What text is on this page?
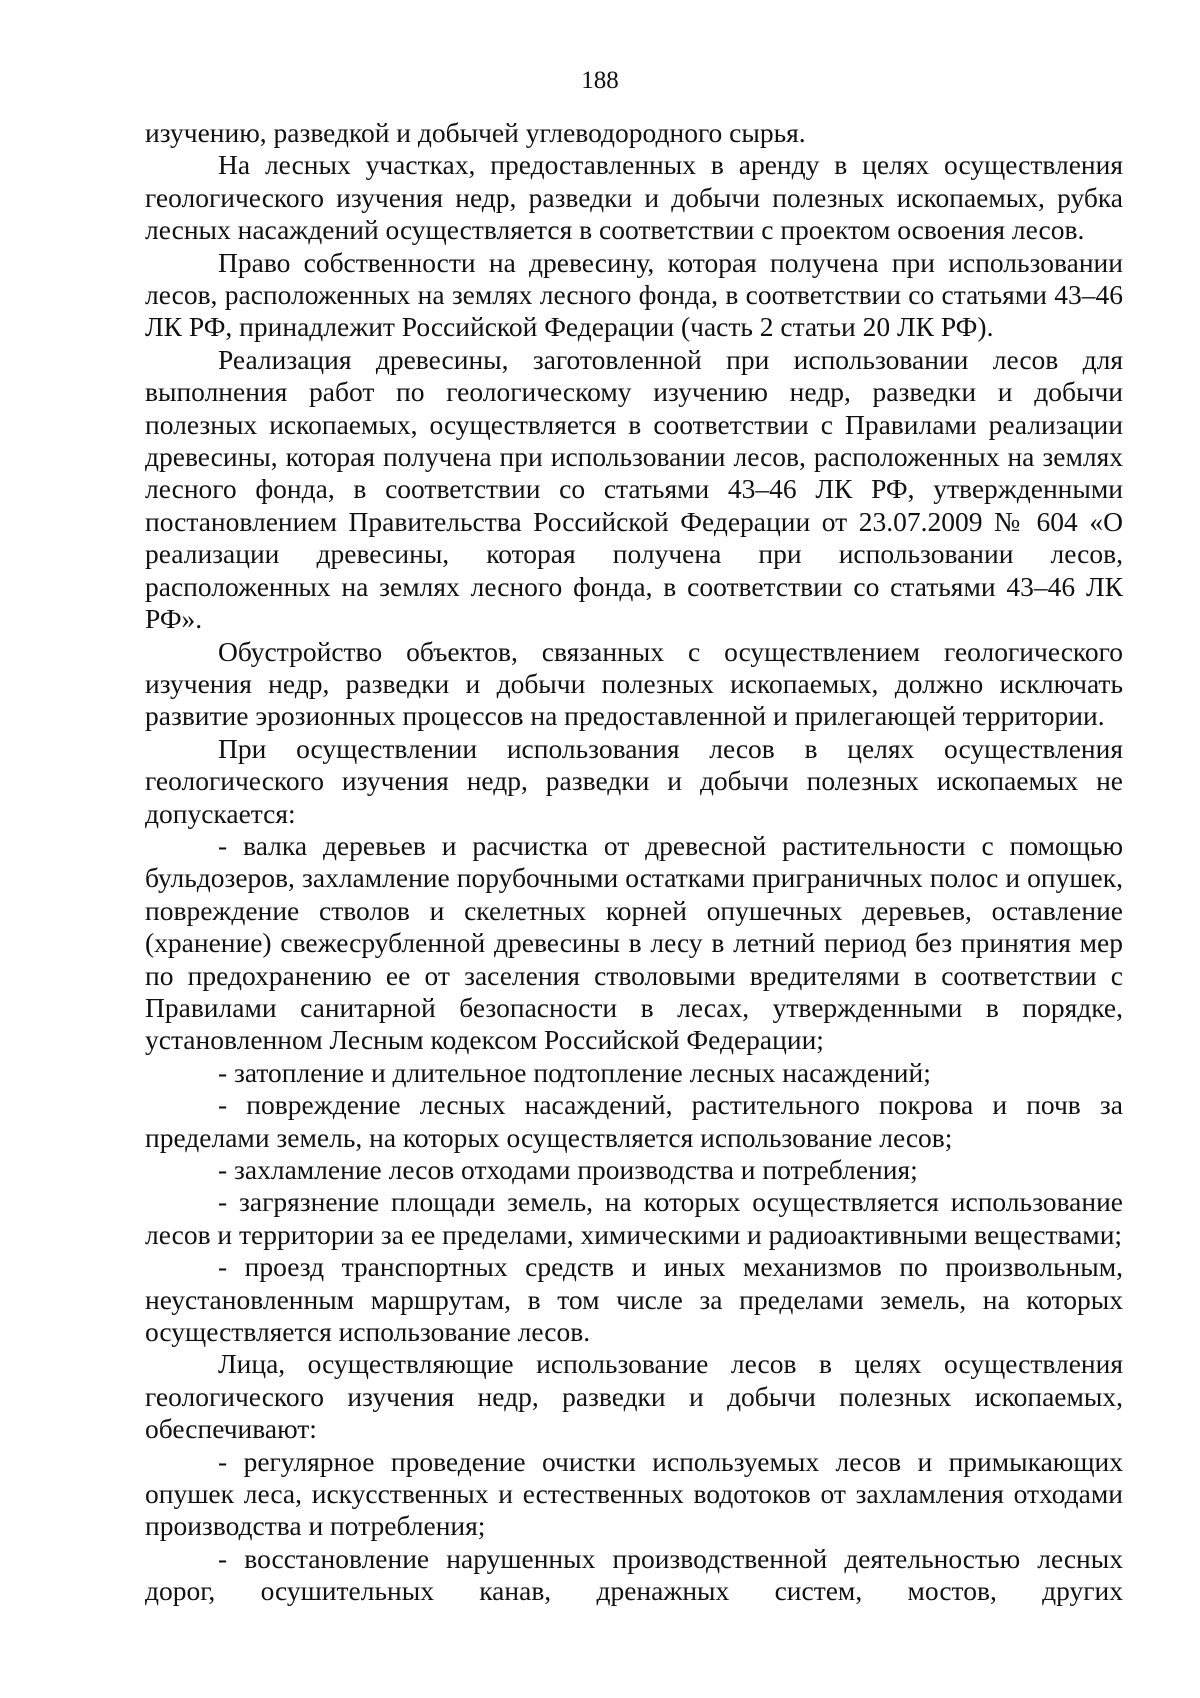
188

изучению, разведкой и добычей углеводородного сырья.

На лесных участках, предоставленных в аренду в целях осуществления геологического изучения недр, разведки и добычи полезных ископаемых, рубка лесных насаждений осуществляется в соответствии с проектом освоения лесов.

Право собственности на древесину, которая получена при использовании лесов, расположенных на землях лесного фонда, в соответствии со статьями 43–46 ЛК РФ, принадлежит Российской Федерации (часть 2 статьи 20 ЛК РФ).

Реализация древесины, заготовленной при использовании лесов для выполнения работ по геологическому изучению недр, разведки и добычи полезных ископаемых, осуществляется в соответствии с Правилами реализации древесины, которая получена при использовании лесов, расположенных на землях лесного фонда, в соответствии со статьями 43–46 ЛК РФ, утвержденными постановлением Правительства Российской Федерации от 23.07.2009 № 604 «О реализации древесины, которая получена при использовании лесов, расположенных на землях лесного фонда, в соответствии со статьями 43–46 ЛК РФ».

Обустройство объектов, связанных с осуществлением геологического изучения недр, разведки и добычи полезных ископаемых, должно исключать развитие эрозионных процессов на предоставленной и прилегающей территории.

При осуществлении использования лесов в целях осуществления геологического изучения недр, разведки и добычи полезных ископаемых не допускается:

- валка деревьев и расчистка от древесной растительности с помощью бульдозеров, захламление порубочными остатками приграничных полос и опушек, повреждение стволов и скелетных корней опушечных деревьев, оставление (хранение) свежесрубленной древесины в лесу в летний период без принятия мер по предохранению ее от заселения стволовыми вредителями в соответствии с Правилами санитарной безопасности в лесах, утвержденными в порядке, установленном Лесным кодексом Российской Федерации;

- затопление и длительное подтопление лесных насаждений;

- повреждение лесных насаждений, растительного покрова и почв за пределами земель, на которых осуществляется использование лесов;

- захламление лесов отходами производства и потребления;

- загрязнение площади земель, на которых осуществляется использование лесов и территории за ее пределами, химическими и радиоактивными веществами;

- проезд транспортных средств и иных механизмов по произвольным, неустановленным маршрутам, в том числе за пределами земель, на которых осуществляется использование лесов.

Лица, осуществляющие использование лесов в целях осуществления геологического изучения недр, разведки и добычи полезных ископаемых, обеспечивают:

- регулярное проведение очистки используемых лесов и примыкающих опушек леса, искусственных и естественных водотоков от захламления отходами производства и потребления;

- восстановление нарушенных производственной деятельностью лесных дорог, осушительных канав, дренажных систем, мостов, других
